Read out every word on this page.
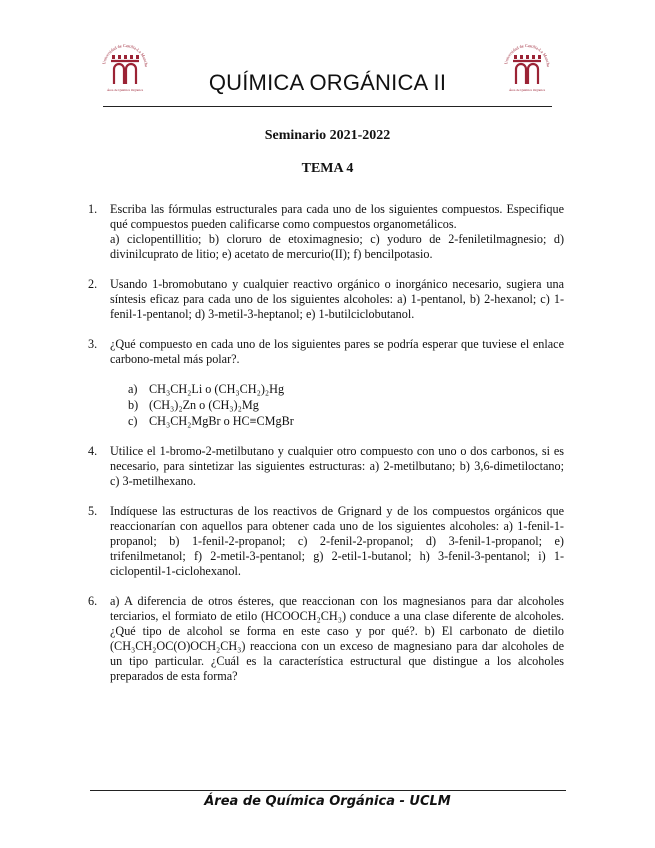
Universidad de Castilla-La Mancha
Área de Química Orgánica	QUÍMICA ORGÁNICA II
Universidad de Castilla-La Mancha
Área de Química Orgánica
Seminario 2021-2022
TEMA 4
1. Escriba las fórmulas estructurales para cada uno de los siguientes compuestos. Especifique qué compuestos pueden calificarse como compuestos organometálicos.
a) ciclopentillitio; b) cloruro de etoximagnesio; c) yoduro de 2-feniletilmagnesio; d) divinilcuprato de litio; e) acetato de mercurio(II); f) bencilpotasio.
2. Usando 1-bromobutano y cualquier reactivo orgánico o inorgánico necesario, sugiera una síntesis eficaz para cada uno de los siguientes alcoholes: a) 1-pentanol, b) 2-hexanol; c) 1-fenil-1-pentanol; d) 3-metil-3-heptanol; e) 1-butilciclobutanol.
3. ¿Qué compuesto en cada uno de los siguientes pares se podría esperar que tuviese el enlace carbono-metal más polar?.
a) CH₃CH₂Li o (CH₃CH₂)₂Hg
b) (CH₃)₂Zn o (CH₃)₂Mg
c) CH₃CH₂MgBr o HC≡CMgBr
4. Utilice el 1-bromo-2-metilbutano y cualquier otro compuesto con uno o dos carbonos, si es necesario, para sintetizar las siguientes estructuras: a) 2-metilbutano; b) 3,6-dimetiloctano; c) 3-metilhexano.
5. Indíquese las estructuras de los reactivos de Grignard y de los compuestos orgánicos que reaccionarían con aquellos para obtener cada uno de los siguientes alcoholes: a) 1-fenil-1-propanol; b) 1-fenil-2-propanol; c) 2-fenil-2-propanol; d) 3-fenil-1-propanol; e) trifenilmetanol; f) 2-metil-3-pentanol; g) 2-etil-1-butanol; h) 3-fenil-3-pentanol; i) 1-ciclopentil-1-ciclohexanol.
6. a) A diferencia de otros ésteres, que reaccionan con los magnesianos para dar alcoholes terciarios, el formiato de etilo (HCOOCH₂CH₃) conduce a una clase diferente de alcoholes. ¿Qué tipo de alcohol se forma en este caso y por qué?. b) El carbonato de dietilo (CH₃CH₂OC(O)OCH₂CH₃) reacciona con un exceso de magnesiano para dar alcoholes de un tipo particular. ¿Cuál es la característica estructural que distingue a los alcoholes preparados de esta forma?
Área de Química Orgánica - UCLM
